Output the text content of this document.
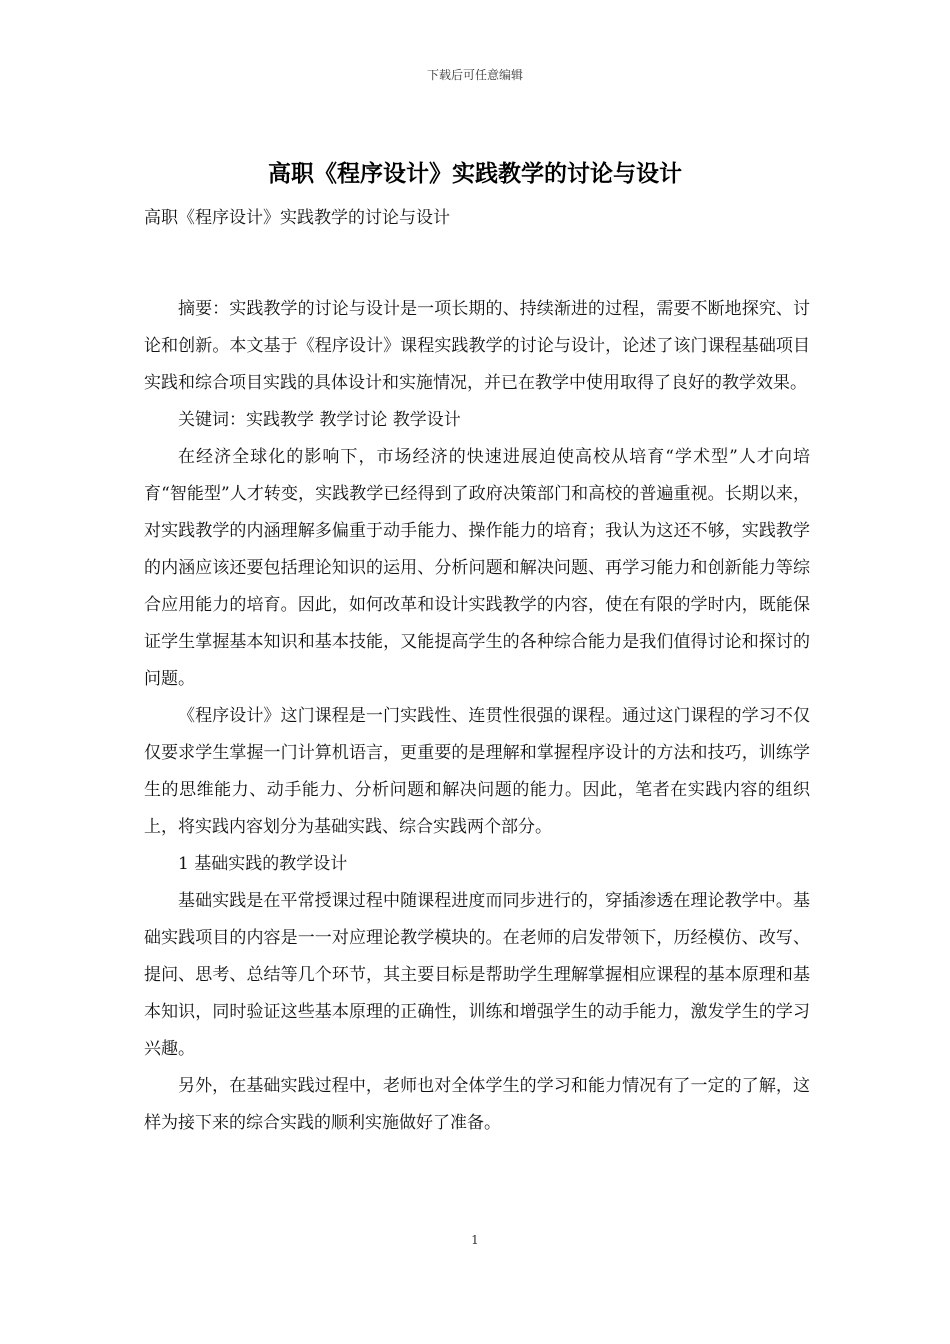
下载后可任意编辑
高职《程序设计》实践教学的讨论与设计

高职《程序设计》实践教学的讨论与设计

摘要：实践教学的讨论与设计是一项长期的、持续渐进的过程，需要不断地探究、讨论和创新。本文基于《程序设计》课程实践教学的讨论与设计，论述了该门课程基础项目实践和综合项目实践的具体设计和实施情况，并已在教学中使用取得了良好的教学效果。

关键词：实践教学 教学讨论 教学设计

在经济全球化的影响下，市场经济的快速进展迫使高校从培育“学术型”人才向培育“智能型”人才转变，实践教学已经得到了政府决策部门和高校的普遍重视。长期以来，对实践教学的内涵理解多偏重于动手能力、操作能力的培育；我认为这还不够，实践教学的内涵应该还要包括理论知识的运用、分析问题和解决问题、再学习能力和创新能力等综合应用能力的培育。因此，如何改革和设计实践教学的内容，使在有限的学时内，既能保证学生掌握基本知识和基本技能，又能提高学生的各种综合能力是我们值得讨论和探讨的问题。

《程序设计》这门课程是一门实践性、连贯性很强的课程。通过这门课程的学习不仅仅要求学生掌握一门计算机语言，更重要的是理解和掌握程序设计的方法和技巧，训练学生的思维能力、动手能力、分析问题和解决问题的能力。因此，笔者在实践内容的组织上，将实践内容划分为基础实践、综合实践两个部分。

1 基础实践的教学设计

基础实践是在平常授课过程中随课程进度而同步进行的，穿插渗透在理论教学中。基础实践项目的内容是一一对应理论教学模块的。在老师的启发带领下，历经模仿、改写、提问、思考、总结等几个环节，其主要目标是帮助学生理解掌握相应课程的基本原理和基本知识，同时验证这些基本原理的正确性，训练和增强学生的动手能力，激发学生的学习兴趣。

另外，在基础实践过程中，老师也对全体学生的学习和能力情况有了一定的了解，这样为接下来的综合实践的顺利实施做好了准备。

1
